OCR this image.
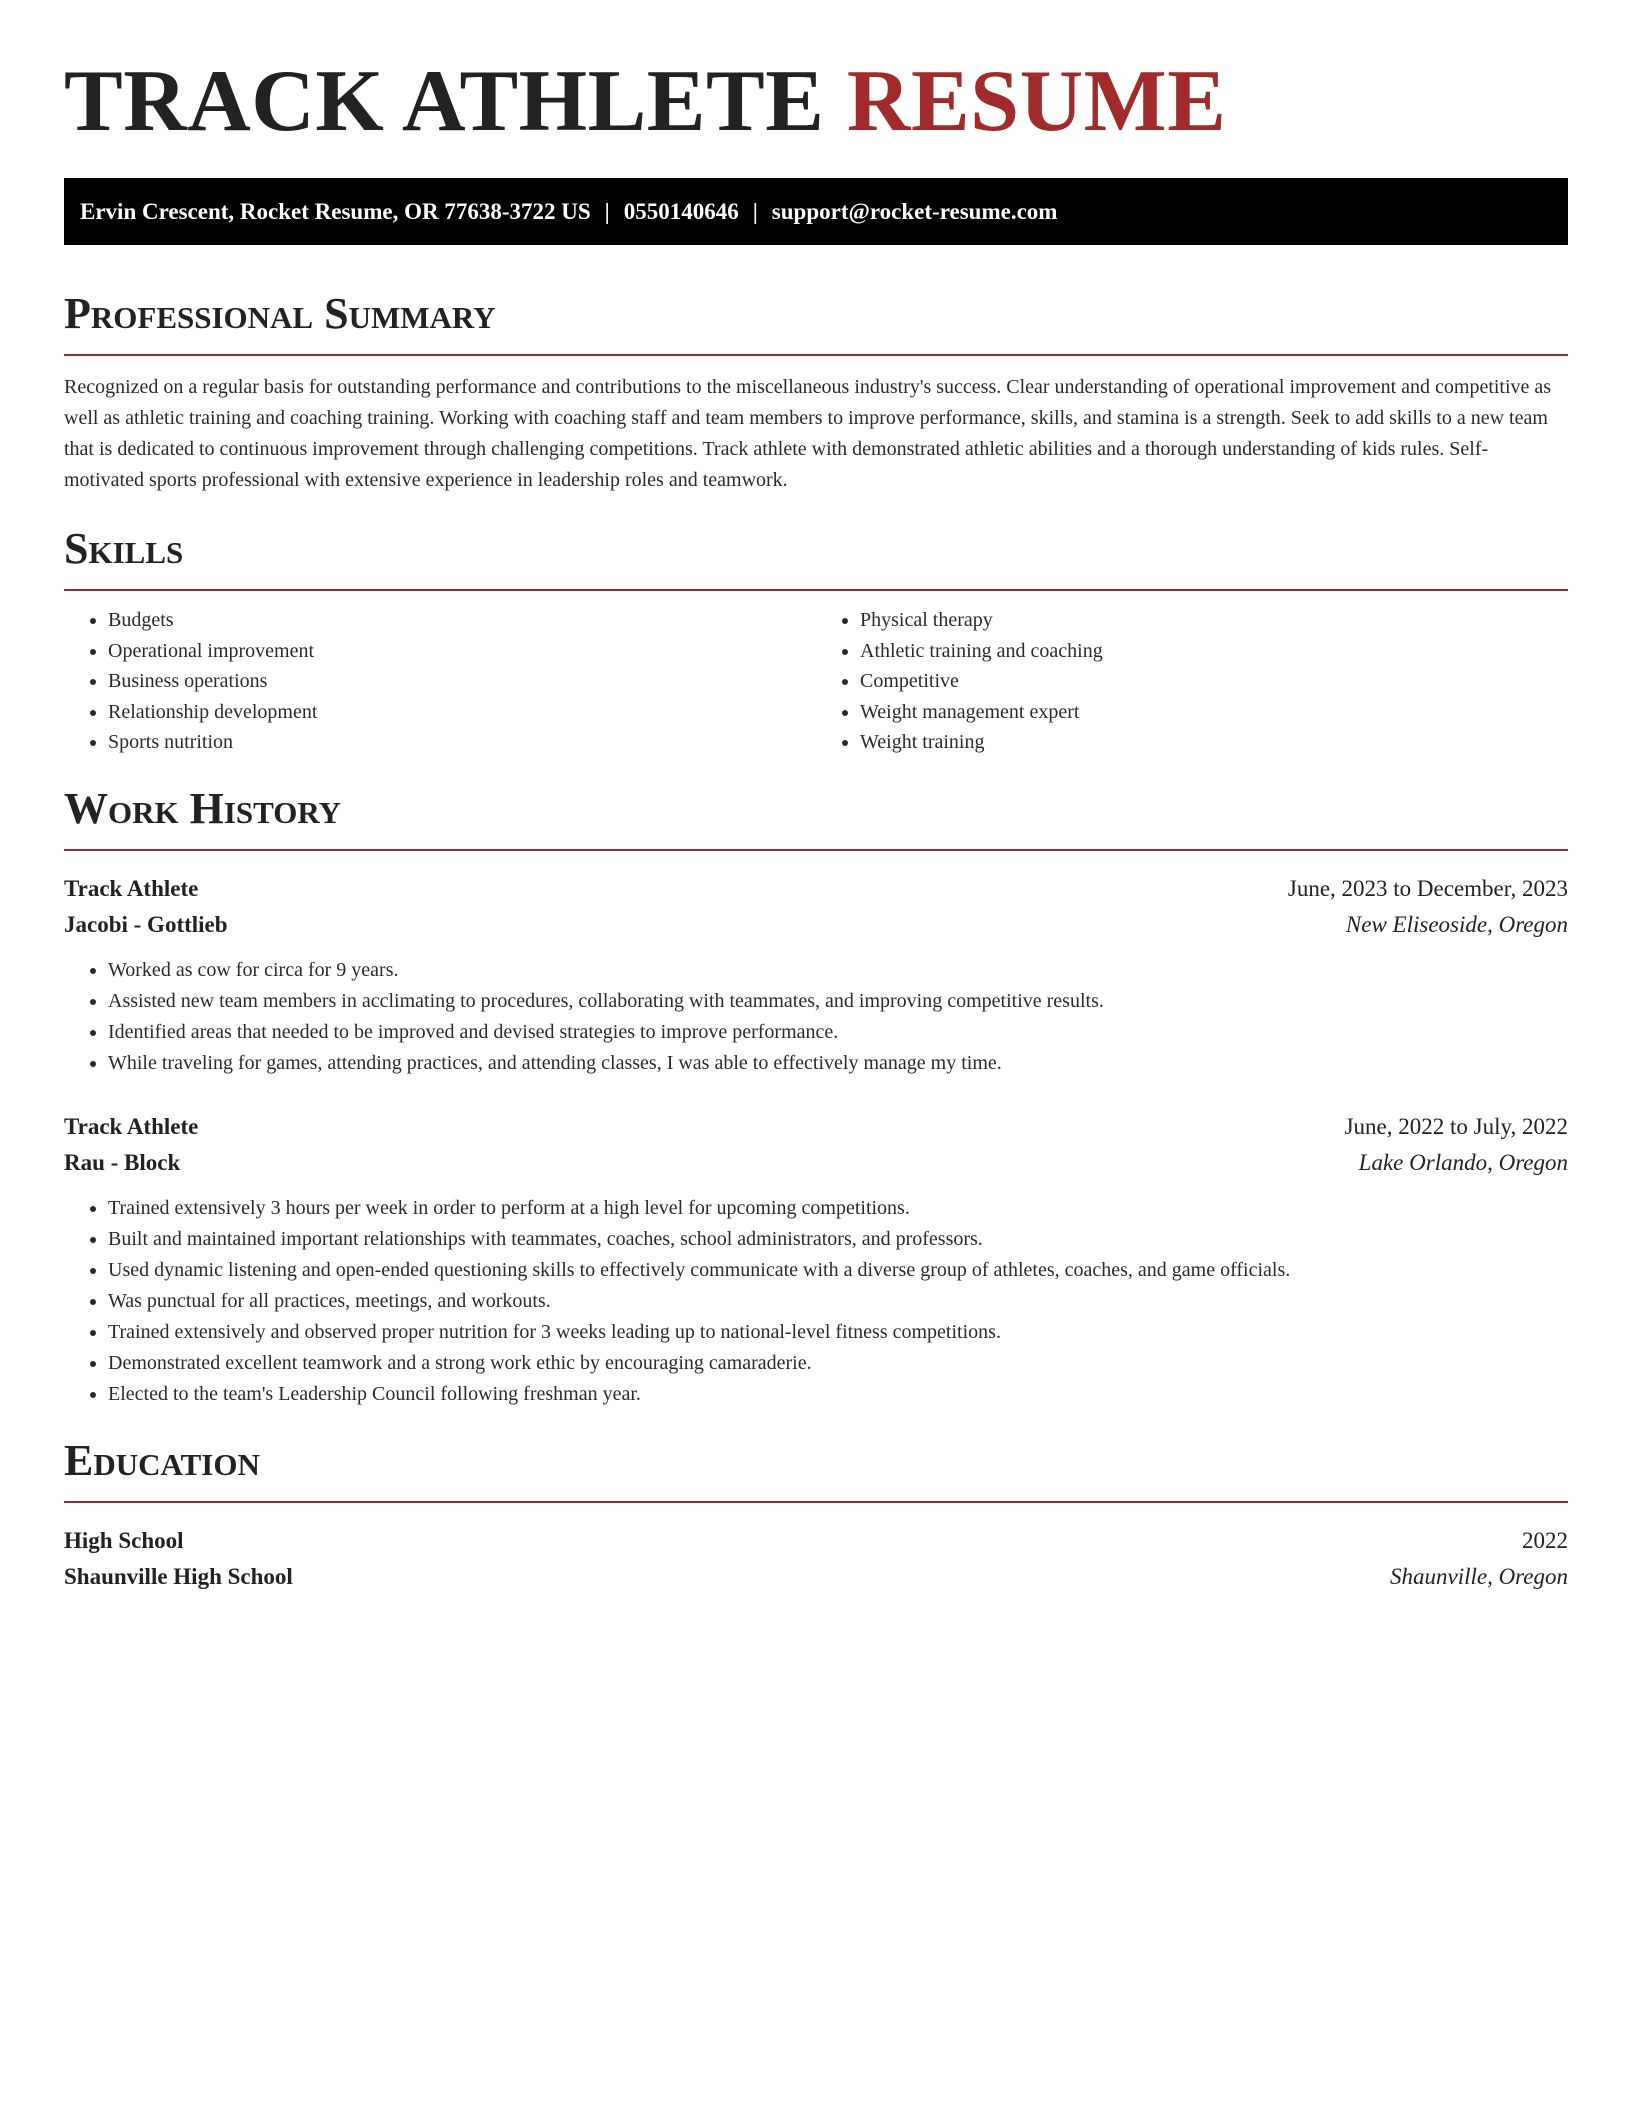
TRACK ATHLETE RESUME
Ervin Crescent, Rocket Resume, OR 77638-3722 US | 0550140646 | support@rocket-resume.com
Professional Summary

Recognized on a regular basis for outstanding performance and contributions to the miscellaneous industry's success. Clear understanding of operational improvement and competitive as well as athletic training and coaching training. Working with coaching staff and team members to improve performance, skills, and stamina is a strength. Seek to add skills to a new team that is dedicated to continuous improvement through challenging competitions. Track athlete with demonstrated athletic abilities and a thorough understanding of kids rules. Self-motivated sports professional with extensive experience in leadership roles and teamwork.

Skills
• Budgets
• Operational improvement
• Business operations
• Relationship development
• Sports nutrition
• Physical therapy
• Athletic training and coaching
• Competitive
• Weight management expert
• Weight training
Work History
Track Athlete	June, 2023 to December, 2023
Jacobi - Gottlieb	New Eliseoside, Oregon
• Worked as cow for circa for 9 years.
• Assisted new team members in acclimating to procedures, collaborating with teammates, and improving competitive results.
• Identified areas that needed to be improved and devised strategies to improve performance.
• While traveling for games, attending practices, and attending classes, I was able to effectively manage my time.
Track Athlete	June, 2022 to July, 2022
Rau - Block	Lake Orlando, Oregon
• Trained extensively 3 hours per week in order to perform at a high level for upcoming competitions.
• Built and maintained important relationships with teammates, coaches, school administrators, and professors.
• Used dynamic listening and open-ended questioning skills to effectively communicate with a diverse group of athletes, coaches, and game officials.
• Was punctual for all practices, meetings, and workouts.
• Trained extensively and observed proper nutrition for 3 weeks leading up to national-level fitness competitions.
• Demonstrated excellent teamwork and a strong work ethic by encouraging camaraderie.
• Elected to the team's Leadership Council following freshman year.
Education
High School	2022
Shaunville High School	Shaunville, Oregon
